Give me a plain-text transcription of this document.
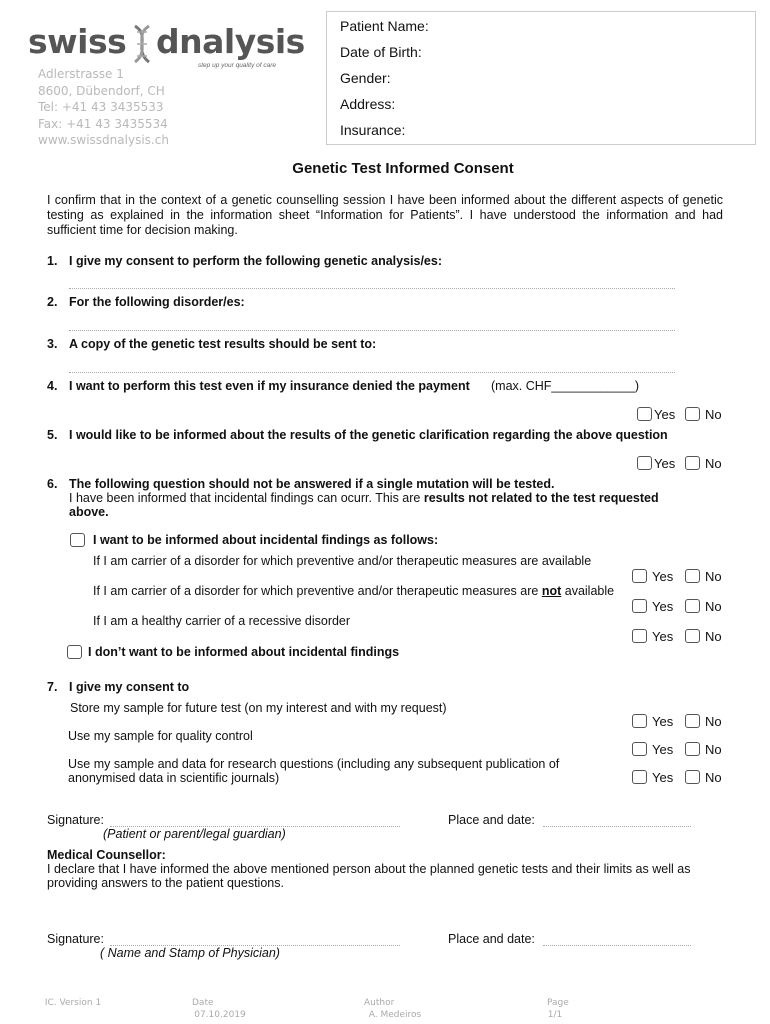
swiss dnalysis
step up your quality of care
Adlerstrasse 1
8600, Dübendorf, CH
Tel: +41 43 3435533
Fax: +41 43 3435534
www.swissdnalysis.ch
Patient Name:
Date of Birth:
Gender:
Address:
Insurance:
Genetic Test Informed Consent
I confirm that in the context of a genetic counselling session I have been informed about the different aspects of genetic testing as explained in the information sheet “Information for Patients”. I have understood the information and had sufficient time for decision making.
1. I give my consent to perform the following genetic analysis/es:
2. For the following disorder/es:
3. A copy of the genetic test results should be sent to:
4. I want to perform this test even if my insurance denied the payment (max. CHF____________)
Yes No
5. I would like to be informed about the results of the genetic clarification regarding the above question
Yes No
6. The following question should not be answered if a single mutation will be tested.
I have been informed that incidental findings can ocurr. This are results not related to the test requested
above.
I want to be informed about incidental findings as follows:
If I am carrier of a disorder for which preventive and/or therapeutic measures are available
Yes No
If I am carrier of a disorder for which preventive and/or therapeutic measures are not available
Yes No
If I am a healthy carrier of a recessive disorder
Yes No
I don’t want to be informed about incidental findings
7. I give my consent to
Store my sample for future test (on my interest and with my request)
Yes No
Use my sample for quality control
Yes No
Use my sample and data for research questions (including any subsequent publication of
anonymised data in scientific journals)	Yes No
Signature:
(Patient or parent/legal guardian)
Place and date:
Medical Counsellor:
I declare that I have informed the above mentioned person about the planned genetic tests and their limits as well as providing answers to the patient questions.
Signature:
( Name and Stamp of Physician)
Place and date:
IC. Version 1	Date
07.10.2019
Author
A. Medeiros
Page
1/1
